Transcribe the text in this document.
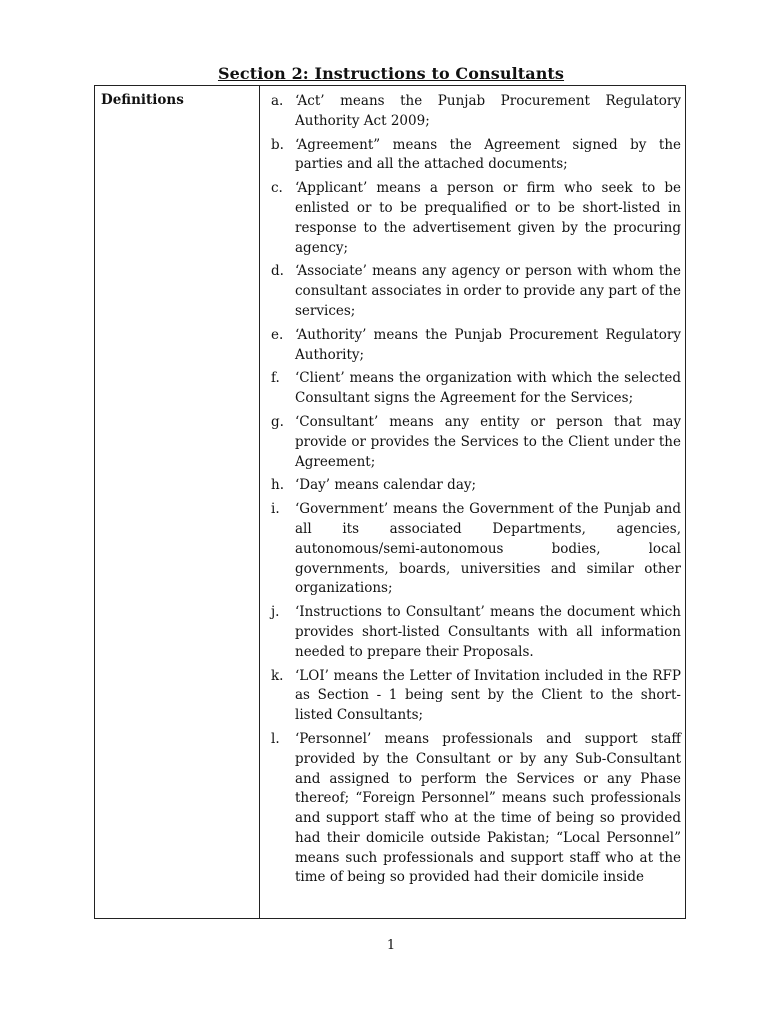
Section 2: Instructions to Consultants
Definitions	a. ‘Act’ means the Punjab Procurement Regulatory Authority Act 2009;
b. ‘Agreement” means the Agreement signed by the parties and all the attached documents;
c. ‘Applicant’ means a person or firm who seek to be enlisted or to be prequalified or to be short-listed in response to the advertisement given by the procuring agency;
d. ‘Associate’ means any agency or person with whom the consultant associates in order to provide any part of the services;
e. ‘Authority’ means the Punjab Procurement Regulatory Authority;
f. ‘Client’ means the organization with which the selected Consultant signs the Agreement for the Services;
g. ‘Consultant’ means any entity or person that may provide or provides the Services to the Client under the Agreement;
h. ‘Day’ means calendar day;
i. ‘Government’ means the Government of the Punjab and all its associated Departments, agencies, autonomous/semi-autonomous bodies, local governments, boards, universities and similar other organizations;
j. ‘Instructions to Consultant’ means the document which provides short-listed Consultants with all information needed to prepare their Proposals.
k. ‘LOI’ means the Letter of Invitation included in the RFP as Section - 1 being sent by the Client to the short-listed Consultants;
l. ‘Personnel’ means professionals and support staff provided by the Consultant or by any Sub-Consultant and assigned to perform the Services or any Phase thereof; “Foreign Personnel” means such professionals and support staff who at the time of being so provided had their domicile outside Pakistan; “Local Personnel” means such professionals and support staff who at the time of being so provided had their domicile inside
1
